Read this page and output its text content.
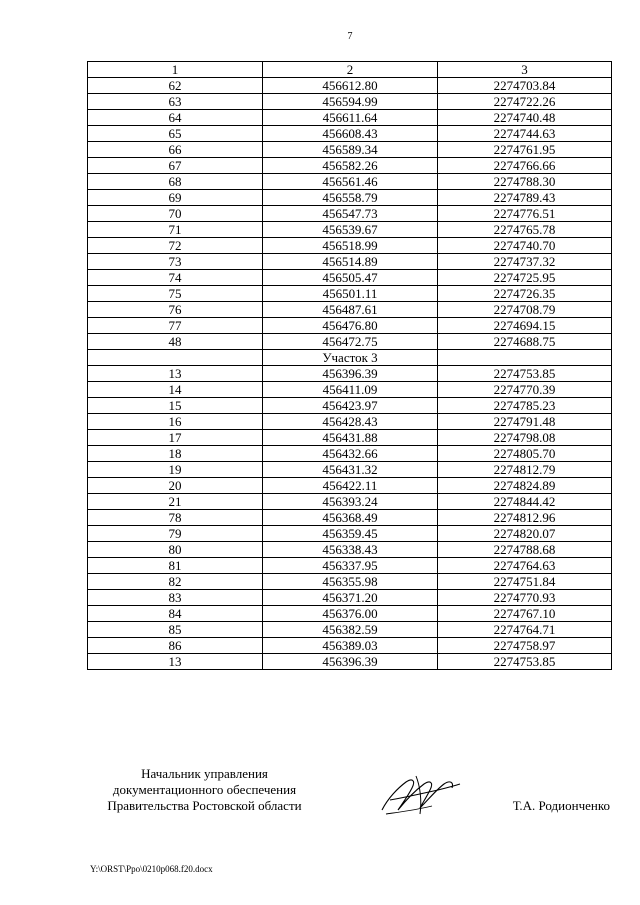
7
1	2	3
62	456612.80	2274703.84
63	456594.99	2274722.26
64	456611.64	2274740.48
65	456608.43	2274744.63
66	456589.34	2274761.95
67	456582.26	2274766.66
68	456561.46	2274788.30
69	456558.79	2274789.43
70	456547.73	2274776.51
71	456539.67	2274765.78
72	456518.99	2274740.70
73	456514.89	2274737.32
74	456505.47	2274725.95
75	456501.11	2274726.35
76	456487.61	2274708.79
77	456476.80	2274694.15
48	456472.75	2274688.75
	Участок 3	
13	456396.39	2274753.85
14	456411.09	2274770.39
15	456423.97	2274785.23
16	456428.43	2274791.48
17	456431.88	2274798.08
18	456432.66	2274805.70
19	456431.32	2274812.79
20	456422.11	2274824.89
21	456393.24	2274844.42
78	456368.49	2274812.96
79	456359.45	2274820.07
80	456338.43	2274788.68
81	456337.95	2274764.63
82	456355.98	2274751.84
83	456371.20	2274770.93
84	456376.00	2274767.10
85	456382.59	2274764.71
86	456389.03	2274758.97
13	456396.39	2274753.85
Начальник управления
документационного обеспечения
Правительства Ростовской области	Т.А. Родионченко
Y:\ORST\Ppo\0210p068.f20.docx
